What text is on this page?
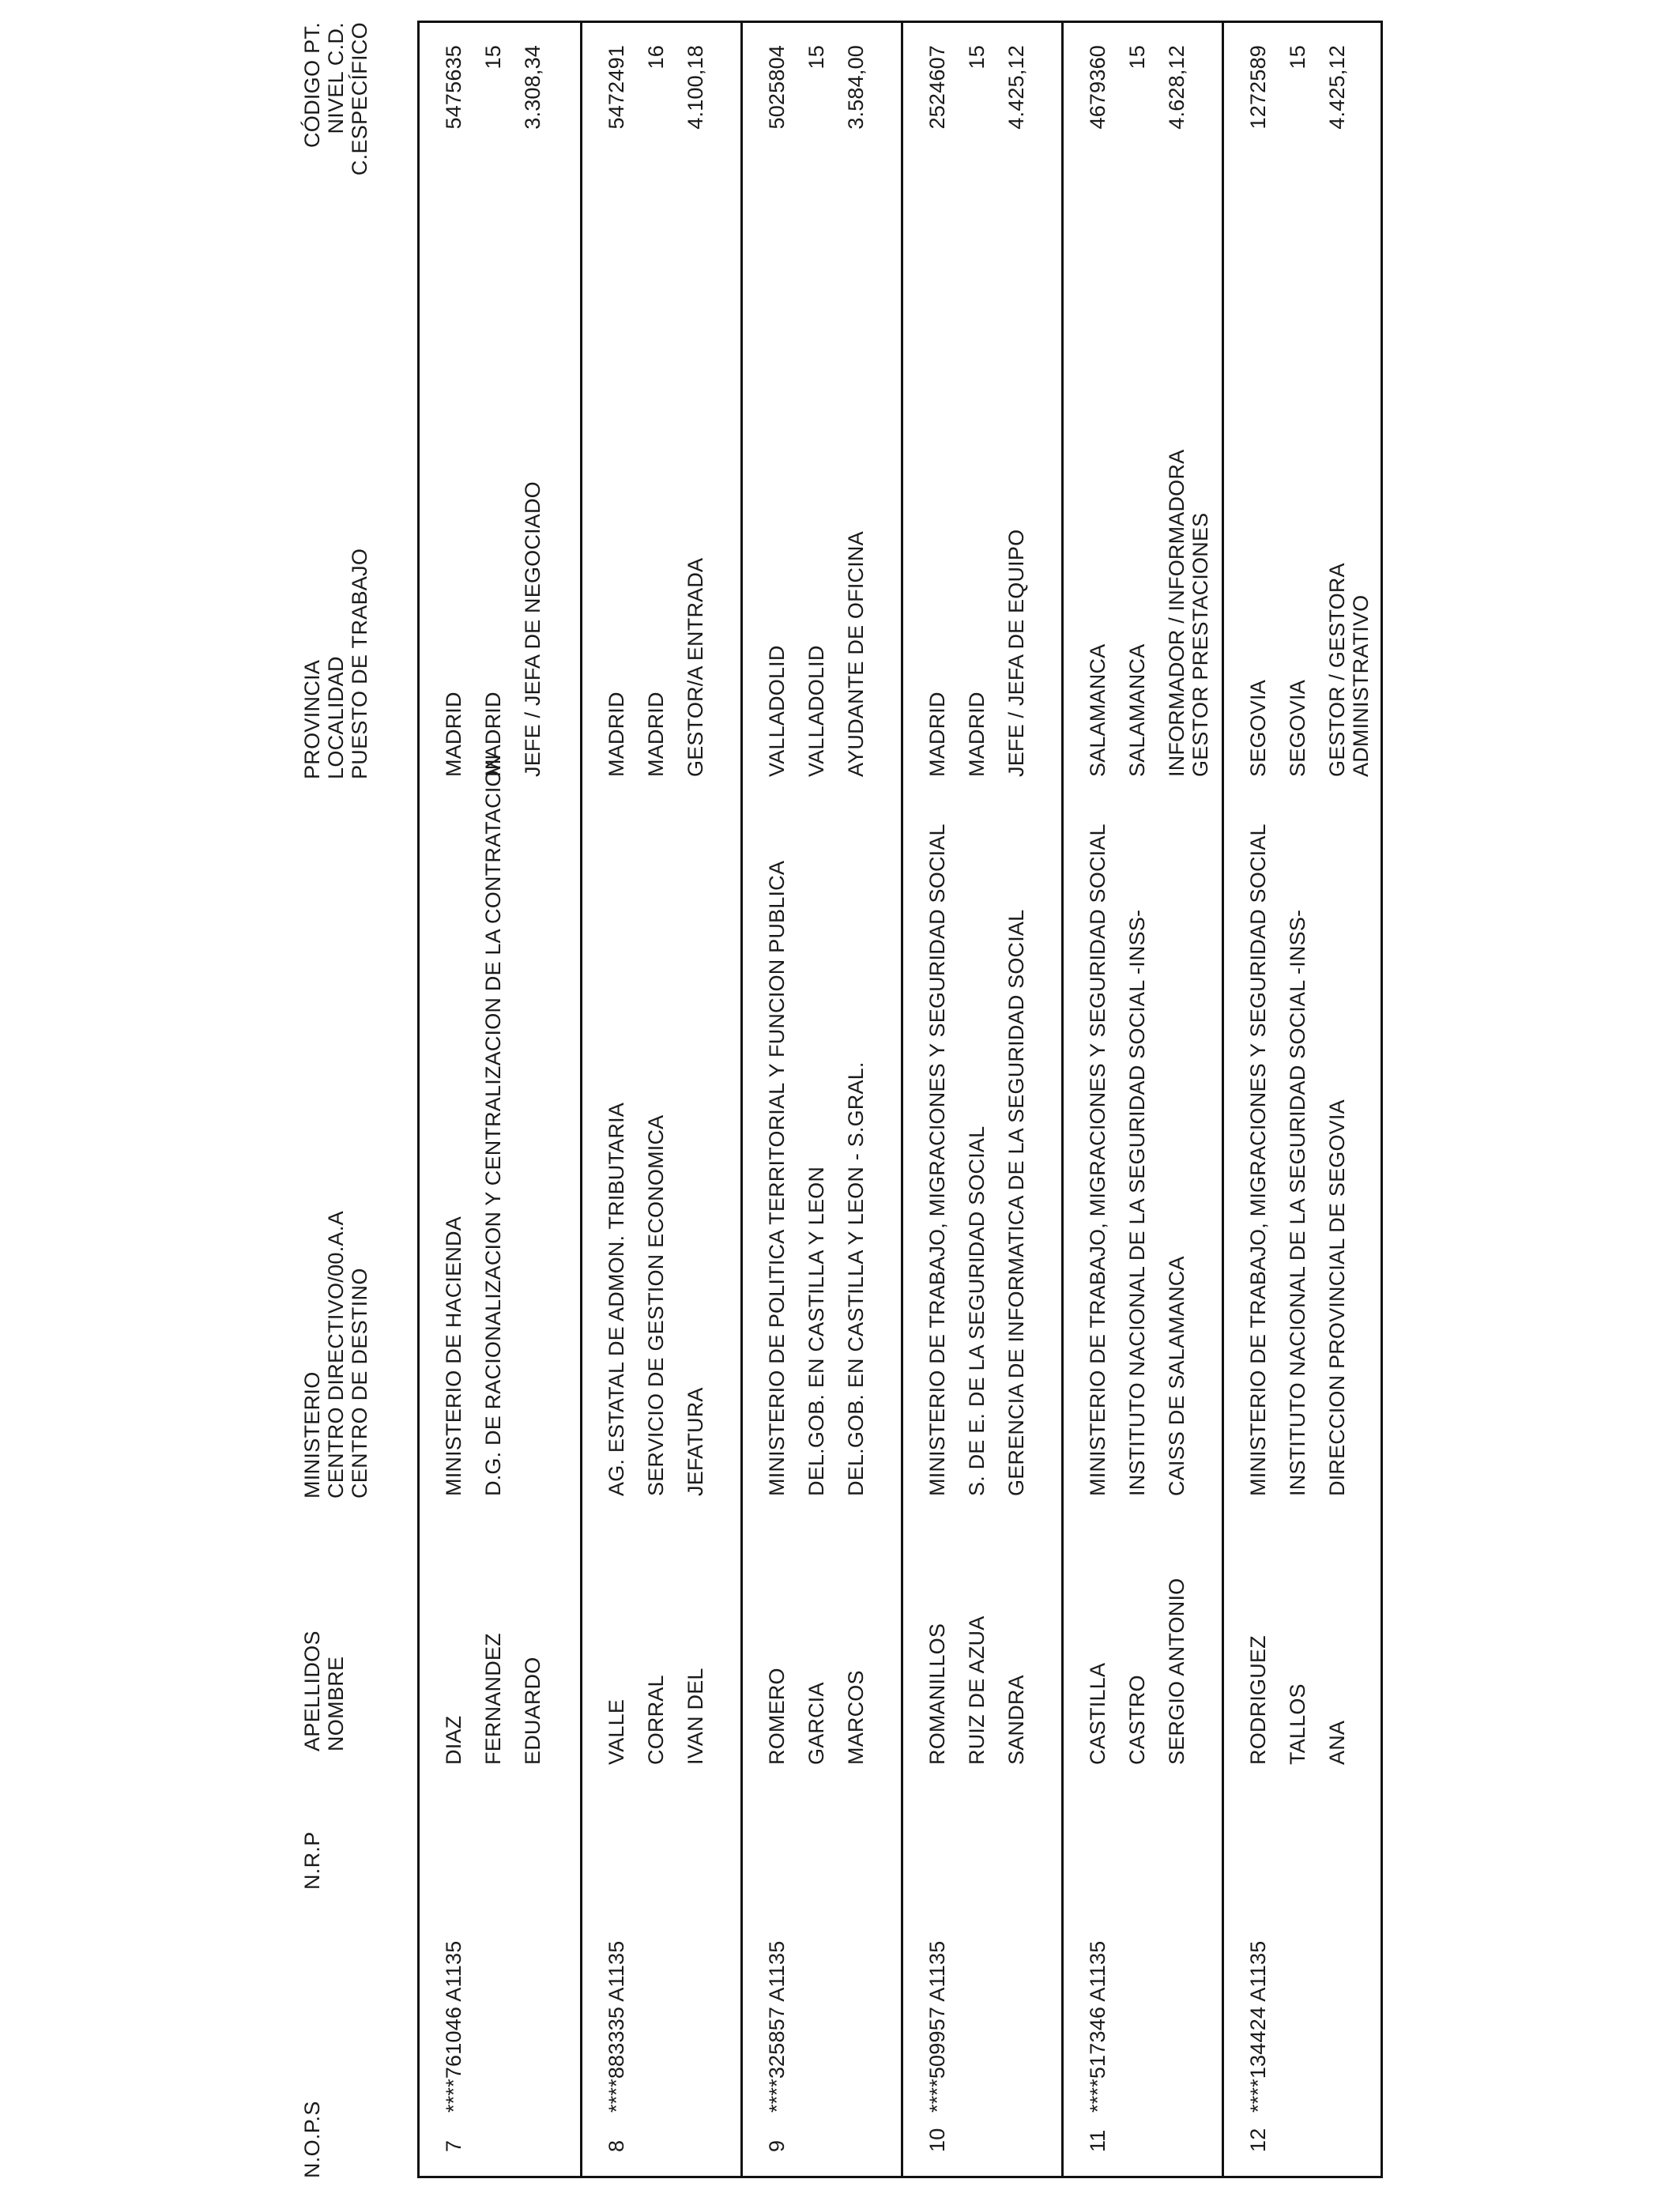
N.O.P.S
N.R.P
APELLIDOS NOMBRE
MINISTERIO CENTRO DIRECTIVO/00.A.A CENTRO DE DESTINO
PROVINCIA LOCALIDAD PUESTO DE TRABAJO
CÓDIGO PT. NIVEL C.D. C.ESPECÍFICO
7
****761046 A1135
DIAZ FERNANDEZ EDUARDO
MINISTERIO DE HACIENDA D.G. DE RACIONALIZACION Y CENTRALIZACION DE LA CONTRATACION
MADRID MADRID JEFE / JEFA DE NEGOCIADO
5475635 15 3.308,34
8
****883335 A1135
VALLE CORRAL IVAN DEL
AG. ESTATAL DE ADMON. TRIBUTARIA SERVICIO DE GESTION ECONOMICA JEFATURA
MADRID MADRID GESTOR/A ENTRADA
5472491 16 4.100,18
9
****325857 A1135
ROMERO GARCIA MARCOS
MINISTERIO DE POLITICA TERRITORIAL Y FUNCION PUBLICA DEL.GOB. EN CASTILLA Y LEON DEL.GOB. EN CASTILLA Y LEON - S.GRAL.
VALLADOLID VALLADOLID AYUDANTE DE OFICINA
5025804 15 3.584,00
10
****509957 A1135
ROMANILLOS RUIZ DE AZUA SANDRA
MINISTERIO DE TRABAJO, MIGRACIONES Y SEGURIDAD SOCIAL S. DE E. DE LA SEGURIDAD SOCIAL GERENCIA DE INFORMATICA DE LA SEGURIDAD SOCIAL
MADRID MADRID JEFE / JEFA DE EQUIPO
2524607 15 4.425,12
11
****517346 A1135
CASTILLA CASTRO SERGIO ANTONIO
MINISTERIO DE TRABAJO, MIGRACIONES Y SEGURIDAD SOCIAL INSTITUTO NACIONAL DE LA SEGURIDAD SOCIAL -INSS- CAISS DE SALAMANCA
SALAMANCA SALAMANCA INFORMADOR / INFORMADORA GESTOR PRESTACIONES
4679360 15 4.628,12
12
****134424 A1135
RODRIGUEZ TALLOS ANA
MINISTERIO DE TRABAJO, MIGRACIONES Y SEGURIDAD SOCIAL INSTITUTO NACIONAL DE LA SEGURIDAD SOCIAL -INSS- DIRECCION PROVINCIAL DE SEGOVIA
SEGOVIA SEGOVIA GESTOR / GESTORA ADMINISTRATIVO
1272589 15 4.425,12
